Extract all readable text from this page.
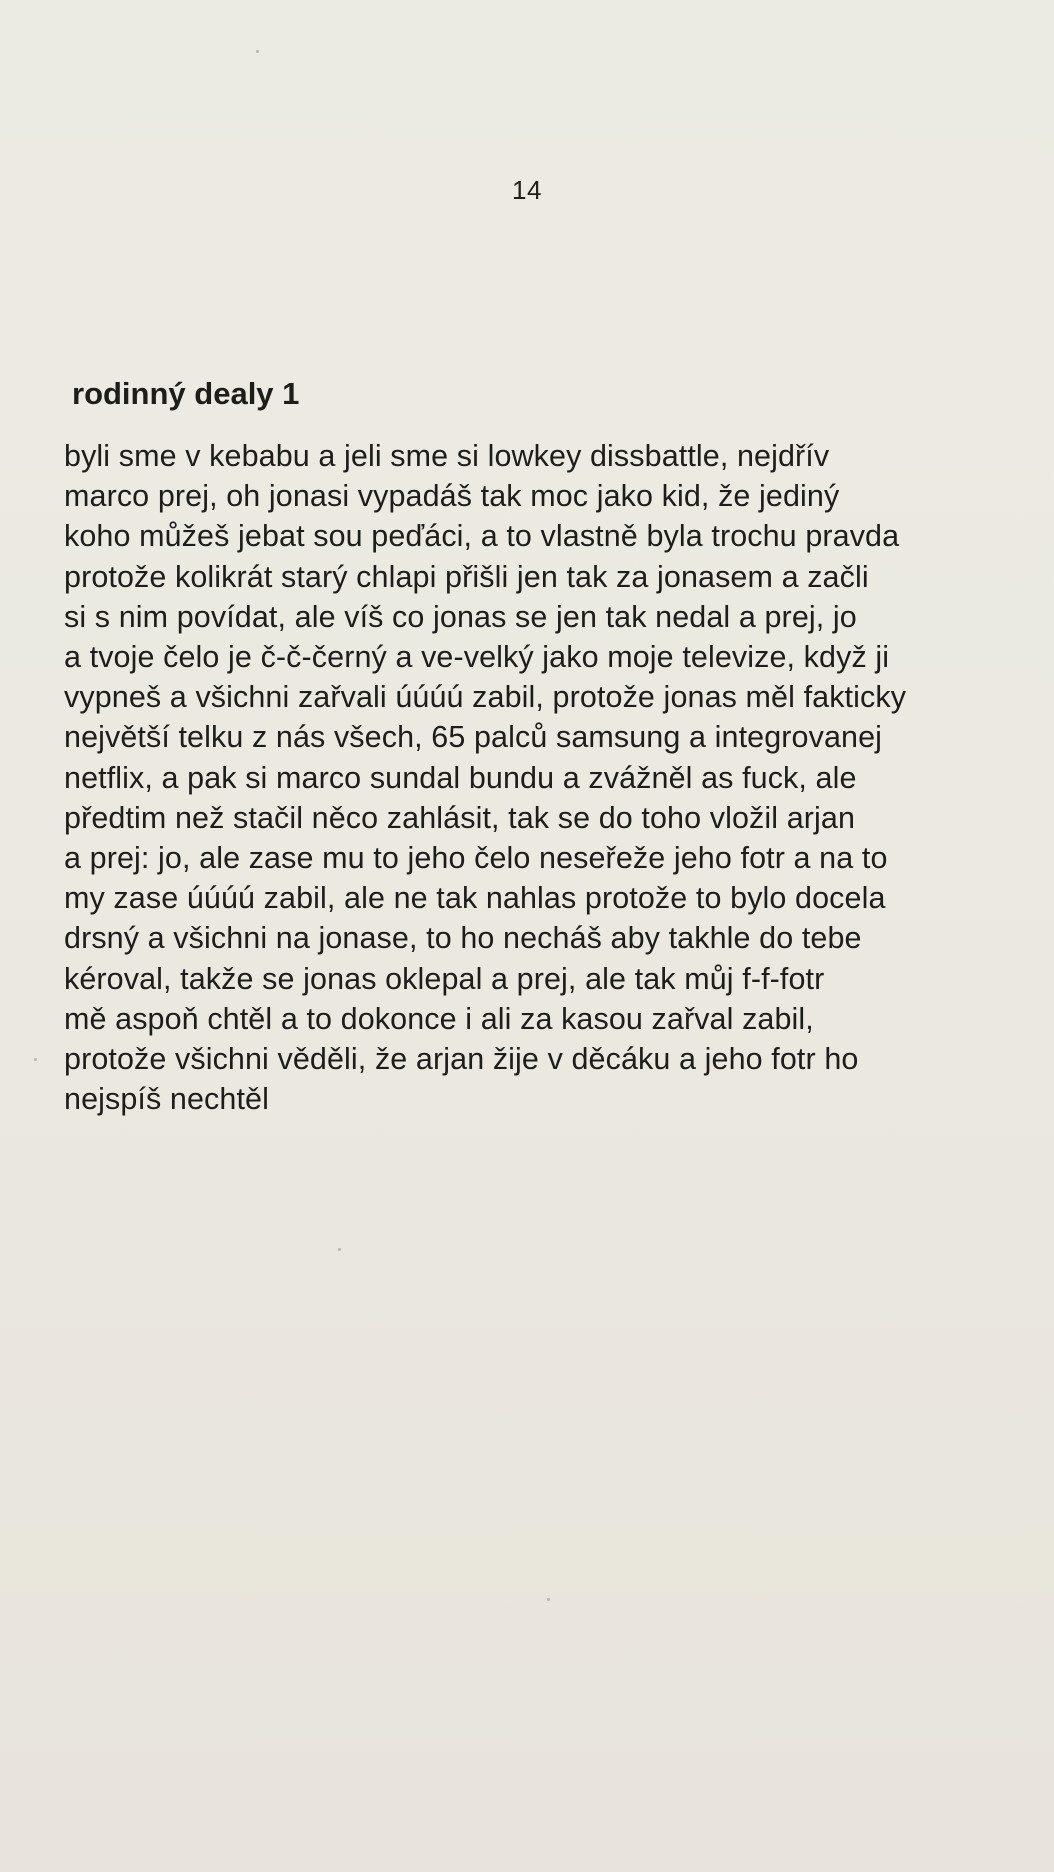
14
rodinný dealy 1
byli sme v kebabu a jeli sme si lowkey dissbattle, nejdřív
marco prej, oh jonasi vypadáš tak moc jako kid, že jediný
koho můžeš jebat sou peďáci, a to vlastně byla trochu pravda
protože kolikrát starý chlapi přišli jen tak za jonasem a začli
si s nim povídat, ale víš co jonas se jen tak nedal a prej, jo
a tvoje čelo je č-č-černý a ve-velký jako moje televize, když ji
vypneš a všichni zařvali úúúú zabil, protože jonas měl fakticky
největší telku z nás všech, 65 palců samsung a integrovanej
netflix, a pak si marco sundal bundu a zvážněl as fuck, ale
předtim než stačil něco zahlásit, tak se do toho vložil arjan
a prej: jo, ale zase mu to jeho čelo neseřeže jeho fotr a na to
my zase úúúú zabil, ale ne tak nahlas protože to bylo docela
drsný a všichni na jonase, to ho necháš aby takhle do tebe
kéroval, takže se jonas oklepal a prej, ale tak můj f-f-fotr
mě aspoň chtěl a to dokonce i ali za kasou zařval zabil,
protože všichni věděli, že arjan žije v děcáku a jeho fotr ho
nejspíš nechtěl
